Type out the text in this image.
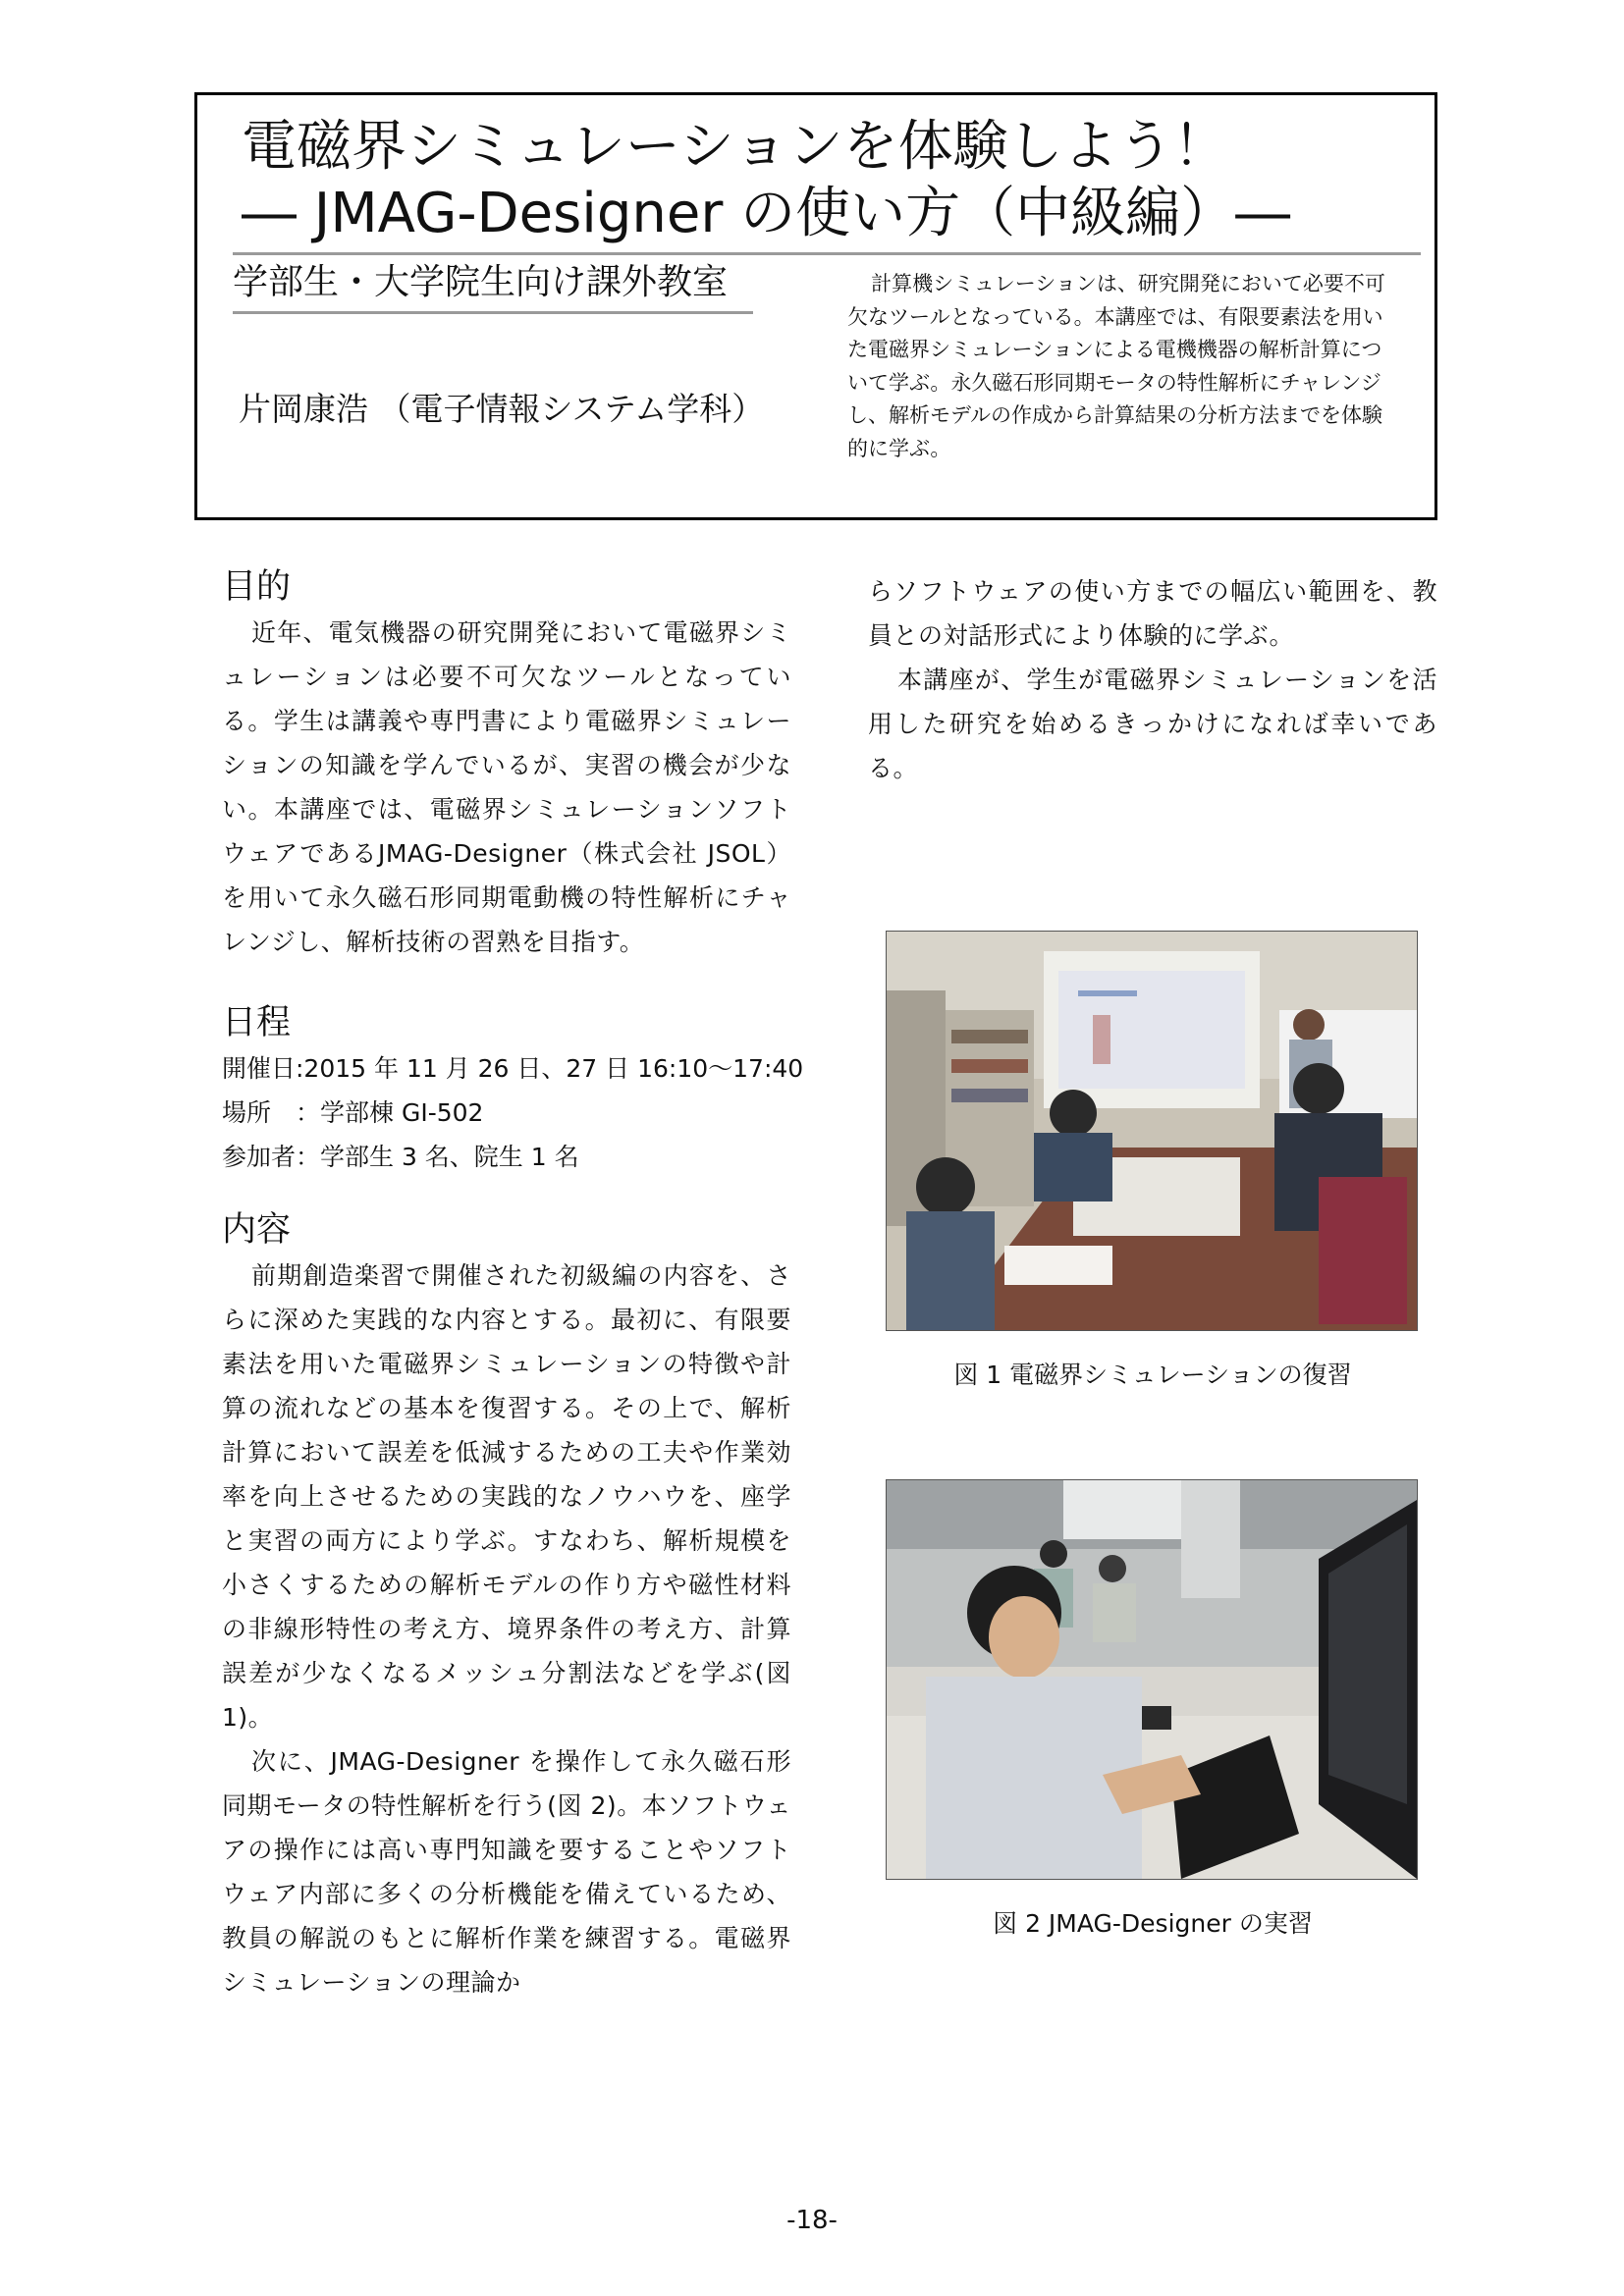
電磁界シミュレーションを体験しよう！
― JMAG-Designer の使い方（中級編）―
学部生・大学院生向け課外教室
片岡康浩 （電子情報システム学科）

計算機シミュレーションは、研究開発において必要不可欠なツールとなっている。本講座では、有限要素法を用いた電磁界シミュレーションによる電機機器の解析計算について学ぶ。永久磁石形同期モータの特性解析にチャレンジし、解析モデルの作成から計算結果の分析方法までを体験的に学ぶ。

目的

近年、電気機器の研究開発において電磁界シミュレーションは必要不可欠なツールとなっている。学生は講義や専門書により電磁界シミュレーションの知識を学んでいるが、実習の機会が少ない。本講座では、電磁界シミュレーションソフトウェアであるJMAG-Designer（株式会社 JSOL）を用いて永久磁石形同期電動機の特性解析にチャレンジし、解析技術の習熟を目指す。

日程

開催日:2015 年 11 月 26 日、27 日 16:10～17:40

場所　：学部棟 GI-502

参加者：学部生 3 名、院生 1 名

内容

前期創造楽習で開催された初級編の内容を、さらに深めた実践的な内容とする。最初に、有限要素法を用いた電磁界シミュレーションの特徴や計算の流れなどの基本を復習する。その上で、解析計算において誤差を低減するための工夫や作業効率を向上させるための実践的なノウハウを、座学と実習の両方により学ぶ。すなわち、解析規模を小さくするための解析モデルの作り方や磁性材料の非線形特性の考え方、境界条件の考え方、計算誤差が少なくなるメッシュ分割法などを学ぶ(図 1)。

次に、JMAG-Designer を操作して永久磁石形同期モータの特性解析を行う(図 2)。本ソフトウェアの操作には高い専門知識を要することやソフトウェア内部に多くの分析機能を備えているため、教員の解説のもとに解析作業を練習する。電磁界シミュレーションの理論か

らソフトウェアの使い方までの幅広い範囲を、教員との対話形式により体験的に学ぶ。

本講座が、学生が電磁界シミュレーションを活用した研究を始めるきっかけになれば幸いである。

図 1 電磁界シミュレーションの復習
図 2 JMAG-Designer の実習
-18-
